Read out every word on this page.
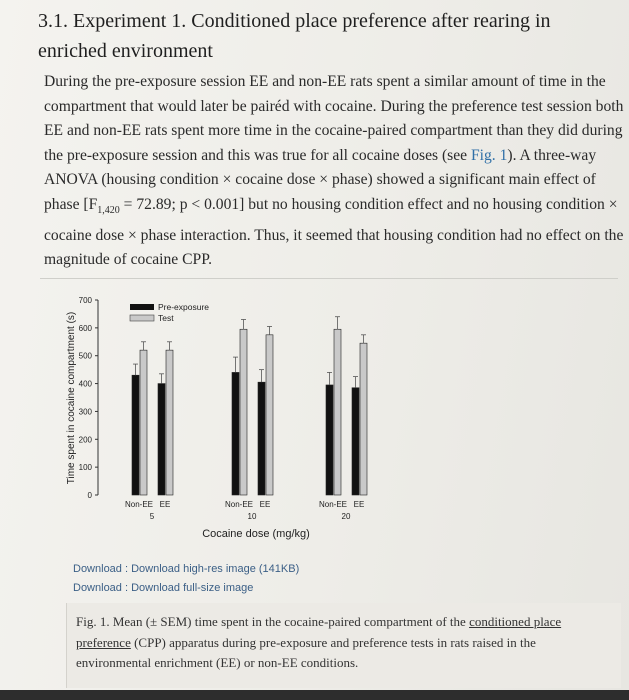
3.1. Experiment 1. Conditioned place preference after rearing in enriched environment

During the pre-exposure session EE and non-EE rats spent a similar amount of time in the compartment that would later be pairéd with cocaine. During the preference test session both EE and non-EE rats spent more time in the cocaine-paired compartment than they did during the pre-exposure session and this was true for all cocaine doses (see Fig. 1). A three-way ANOVA (housing condition × cocaine dose × phase) showed a significant main effect of phase [$F_{1,420} = 72.89$; p < 0.001] but no housing condition effect and no housing condition × cocaine dose × phase interaction. Thus, it seemed that housing condition had no effect on the magnitude of cocaine CPP.

Time spent in cocaine compartment (s)
0
100
200
300
400
500
600
700
Non-EE EE
5
Non-EE EE
10
Non-EE EE
20
Pre-exposure
Test
Cocaine dose (mg/kg)
Download : Download high-res image (141KB)
Download : Download full-size image

Fig. 1. Mean (± SEM) time spent in the cocaine-paired compartment of the conditioned place preference (CPP) apparatus during pre-exposure and preference tests in rats raised in the environmental enrichment (EE) or non-EE conditions.
